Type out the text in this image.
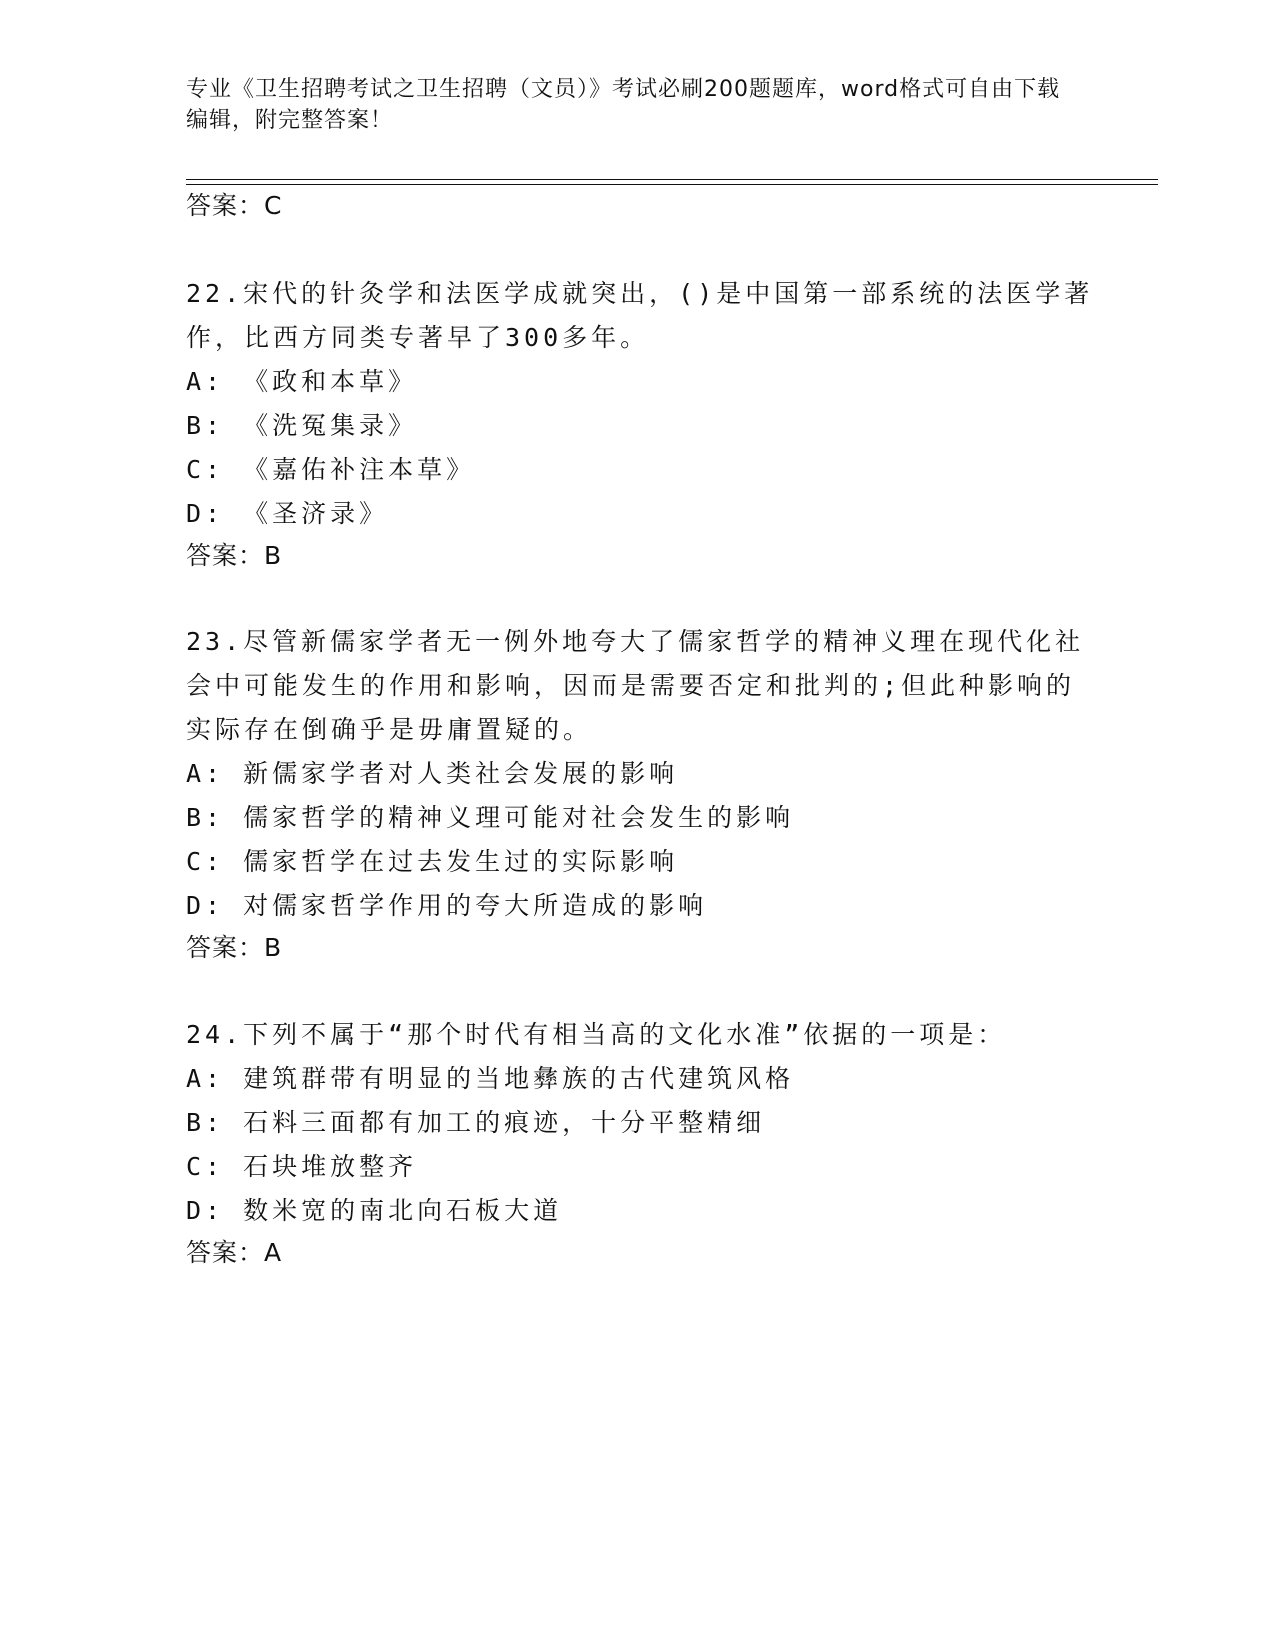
专业《卫生招聘考试之卫生招聘（文员）》考试必刷200题题库，word格式可自由下载编辑，附完整答案！
答案：C
22.宋代的针灸学和法医学成就突出，()是中国第一部系统的法医学著
作，比西方同类专著早了300多年。
A: 《政和本草》
B: 《洗冤集录》
C: 《嘉佑补注本草》
D: 《圣济录》
答案：B
23.尽管新儒家学者无一例外地夸大了儒家哲学的精神义理在现代化社
会中可能发生的作用和影响，因而是需要否定和批判的;但此种影响的
实际存在倒确乎是毋庸置疑的。
A: 新儒家学者对人类社会发展的影响
B: 儒家哲学的精神义理可能对社会发生的影响
C: 儒家哲学在过去发生过的实际影响
D: 对儒家哲学作用的夸大所造成的影响
答案：B
24.下列不属于“那个时代有相当高的文化水准”依据的一项是：
A: 建筑群带有明显的当地彝族的古代建筑风格
B: 石料三面都有加工的痕迹，十分平整精细
C: 石块堆放整齐
D: 数米宽的南北向石板大道
答案：A
